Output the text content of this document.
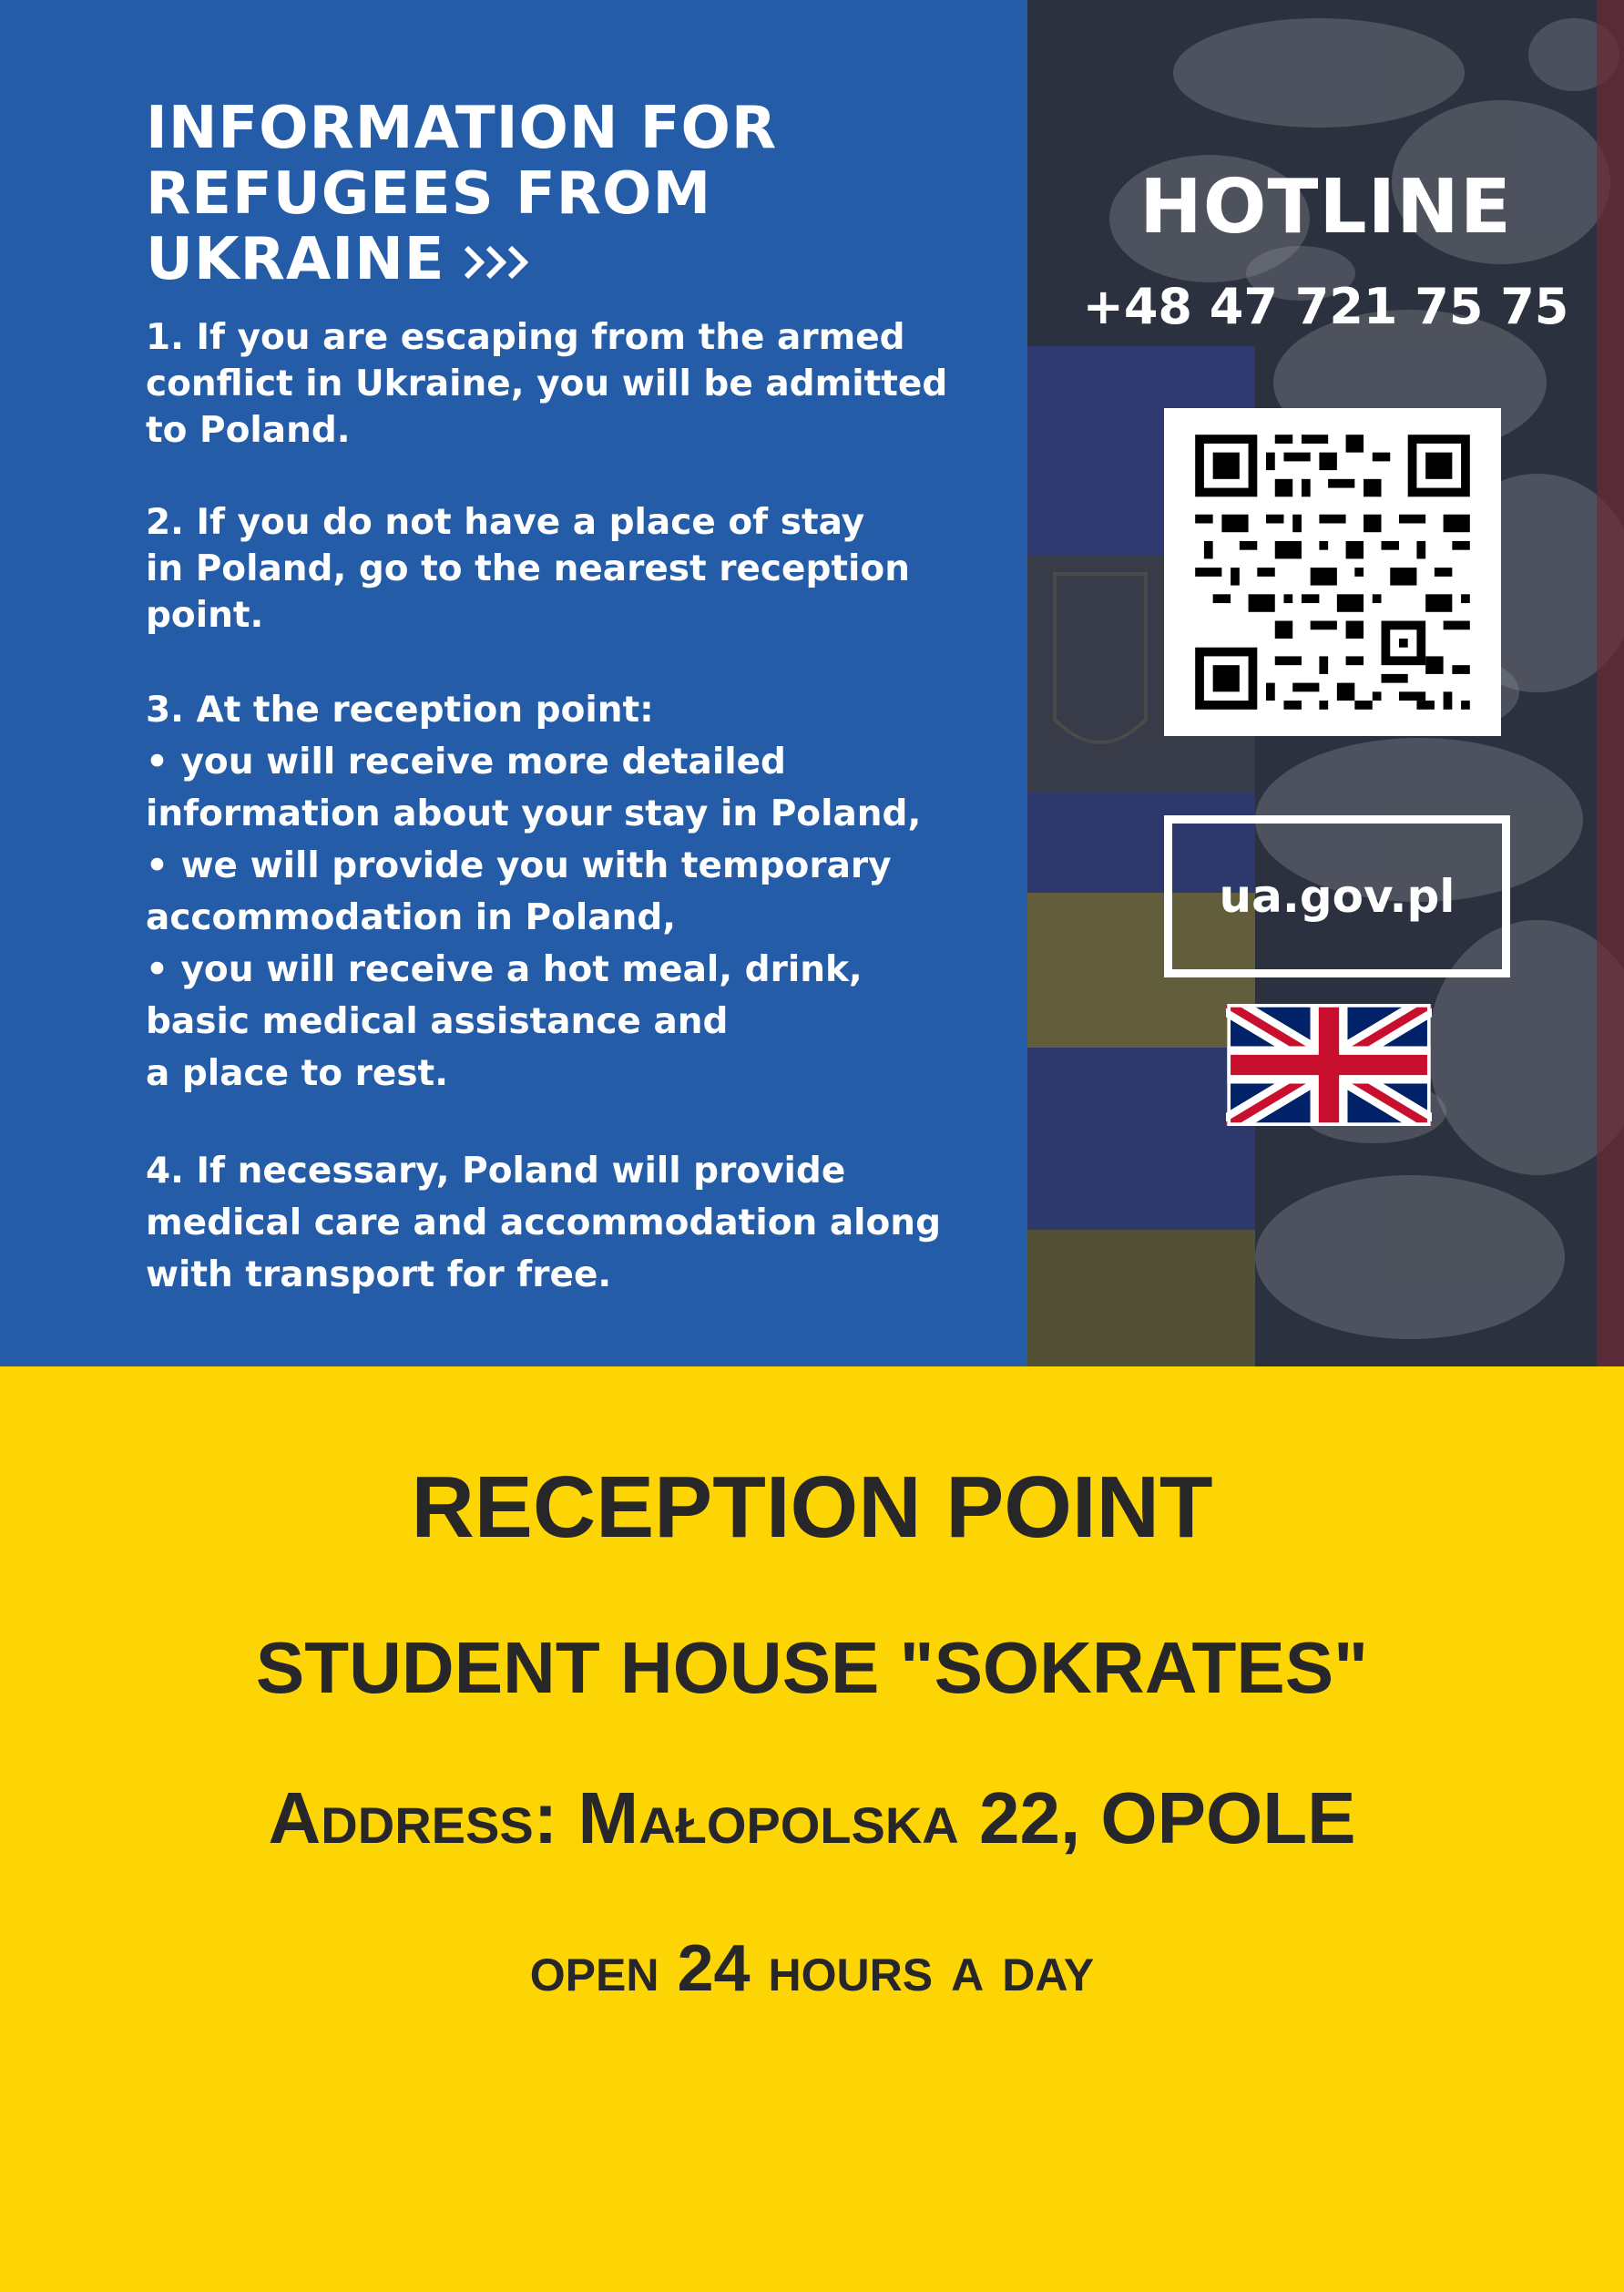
INFORMATION FOR
REFUGEES FROM
UKRAINE

1. If you are escaping from the armed
conflict in Ukraine, you will be admitted
to Poland.

2. If you do not have a place of stay
in Poland, go to the nearest reception
point.

3. At the reception point:
• you will receive more detailed
information about your stay in Poland,
• we will provide you with temporary
accommodation in Poland,
• you will receive a hot meal, drink,
basic medical assistance and
a place to rest.

4. If necessary, Poland will provide
medical care and accommodation along
with transport for free.

HOTLINE
+48 47 721 75 75
ua.gov.pl
RECEPTION POINT
STUDENT HOUSE "SOKRATES"
Address: Małopolska 22, OPOLE
open 24 hours a day
